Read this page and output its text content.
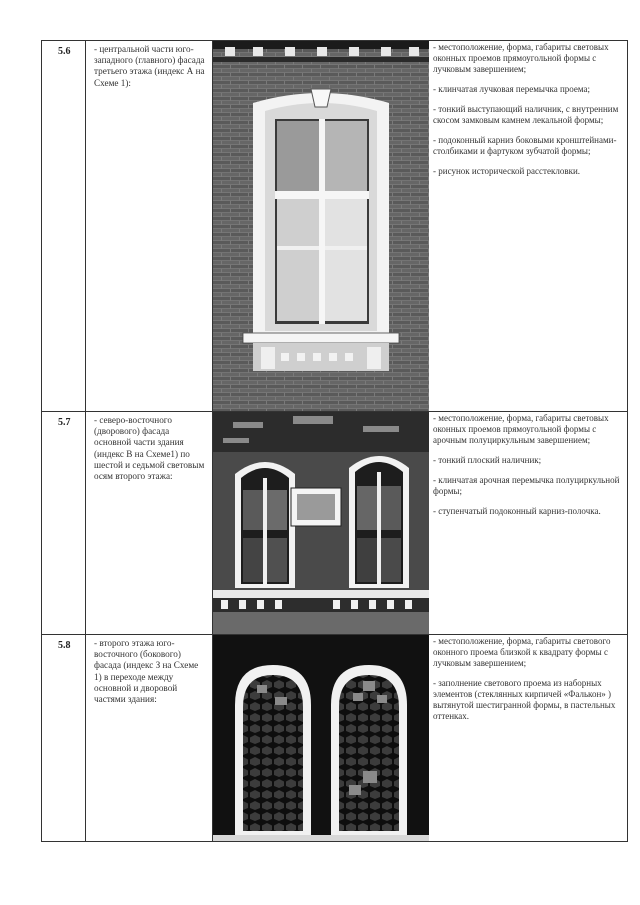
5.6	- центральной части юго-западного (главного) фасада третьего этажа (индекс А на Схеме 1):		- местоположение, форма, габариты световых оконных проемов прямоугольной формы с лучковым завершением;

- клинчатая лучковая перемычка проема;

- тонкий выступающий наличник, с внутренним скосом замковым камнем лекальной формы;

- подоконный карниз боковыми кронштейнами-столбиками и фартуком зубчатой формы;

- рисунок исторической расстекловки.

5.7	- северо-восточного (дворового) фасада основной части здания (индекс В на Схеме1) по шестой и седьмой световым осям второго этажа:		- местоположение, форма, габариты световых оконных проемов прямоугольной формы с арочным полуциркульным завершением;

- тонкий плоский наличник;

- клинчатая арочная перемычка полуциркульной формы;

- ступенчатый подоконный карниз-полочка.

5.8	- второго этажа юго-восточного (бокового) фасада (индекс З на Схеме 1) в переходе между основной и дворовой частями здания:		- местоположение, форма, габариты светового оконного проема близкой к квадрату формы с лучковым завершением;

- заполнение светового проема из наборных элементов (стеклянных кирпичей «Фалькон» ) вытянутой шестигранной формы, в пастельных оттенках.
